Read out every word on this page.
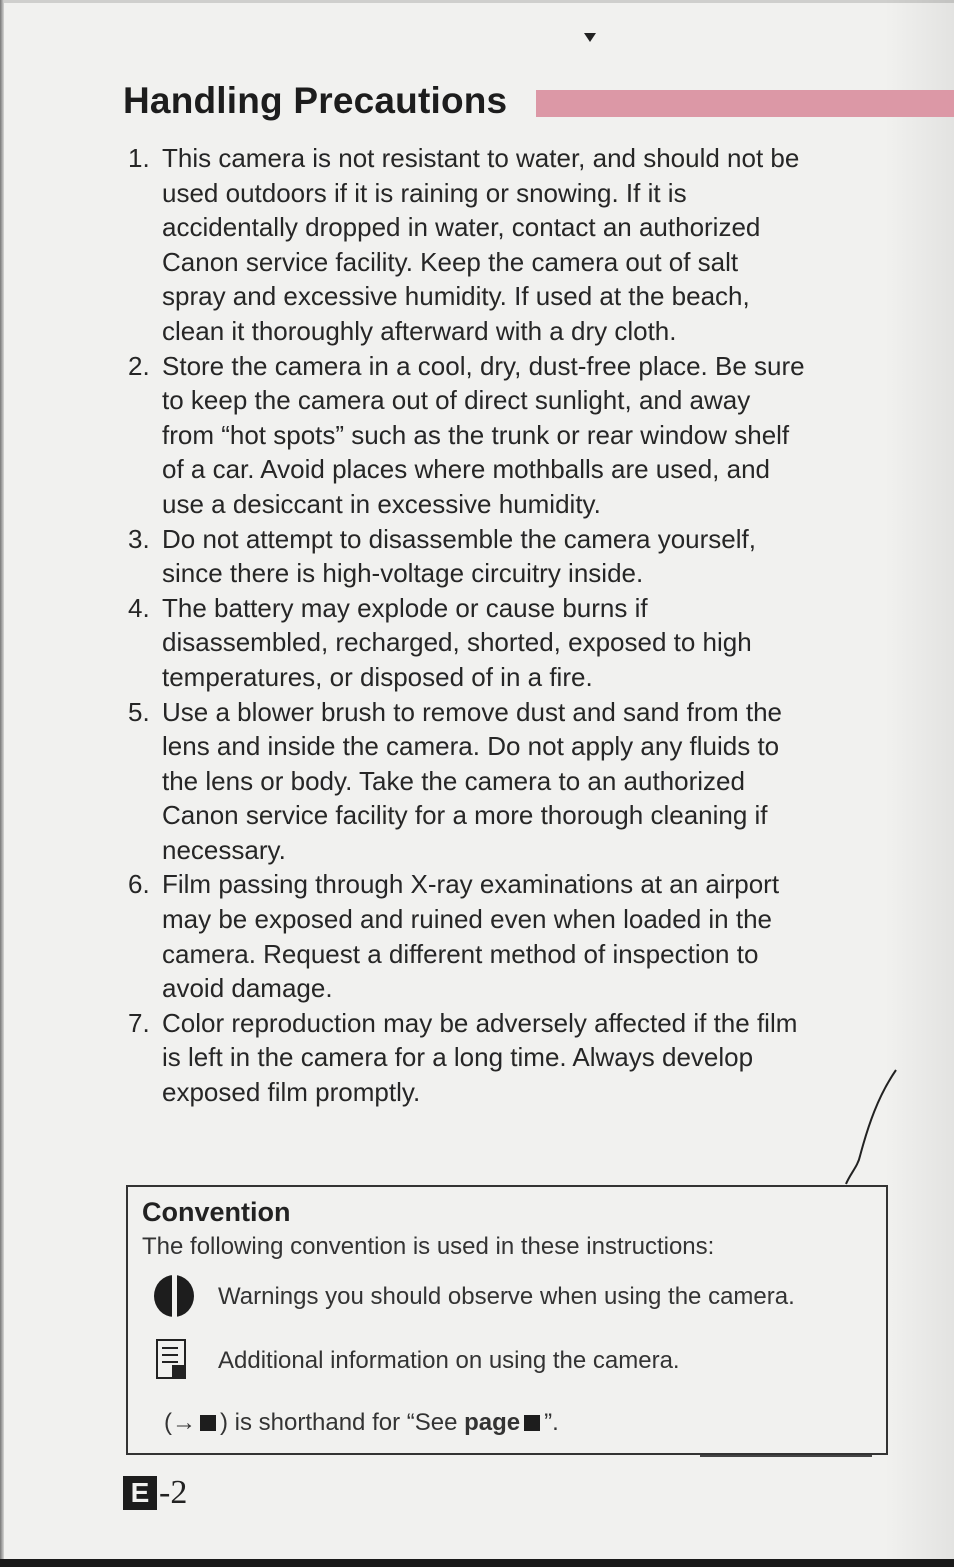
Handling Precautions
1. This camera is not resistant to water, and should not be
used outdoors if it is raining or snowing. If it is
accidentally dropped in water, contact an authorized
Canon service facility. Keep the camera out of salt
spray and excessive humidity. If used at the beach,
clean it thoroughly afterward with a dry cloth.
2. Store the camera in a cool, dry, dust-free place. Be sure
to keep the camera out of direct sunlight, and away
from “hot spots” such as the trunk or rear window shelf
of a car. Avoid places where mothballs are used, and
use a desiccant in excessive humidity.
3. Do not attempt to disassemble the camera yourself,
since there is high-voltage circuitry inside.
4. The battery may explode or cause burns if
disassembled, recharged, shorted, exposed to high
temperatures, or disposed of in a fire.
5. Use a blower brush to remove dust and sand from the
lens and inside the camera. Do not apply any fluids to
the lens or body. Take the camera to an authorized
Canon service facility for a more thorough cleaning if
necessary.
6. Film passing through X-ray examinations at an airport
may be exposed and ruined even when loaded in the
camera. Request a different method of inspection to
avoid damage.
7. Color reproduction may be adversely affected if the film
is left in the camera for a long time. Always develop
exposed film promptly.
Convention
The following convention is used in these instructions:
Warnings you should observe when using the camera.
Additional information on using the camera.
(→ ) is shorthand for “See
page ”.
E -2
